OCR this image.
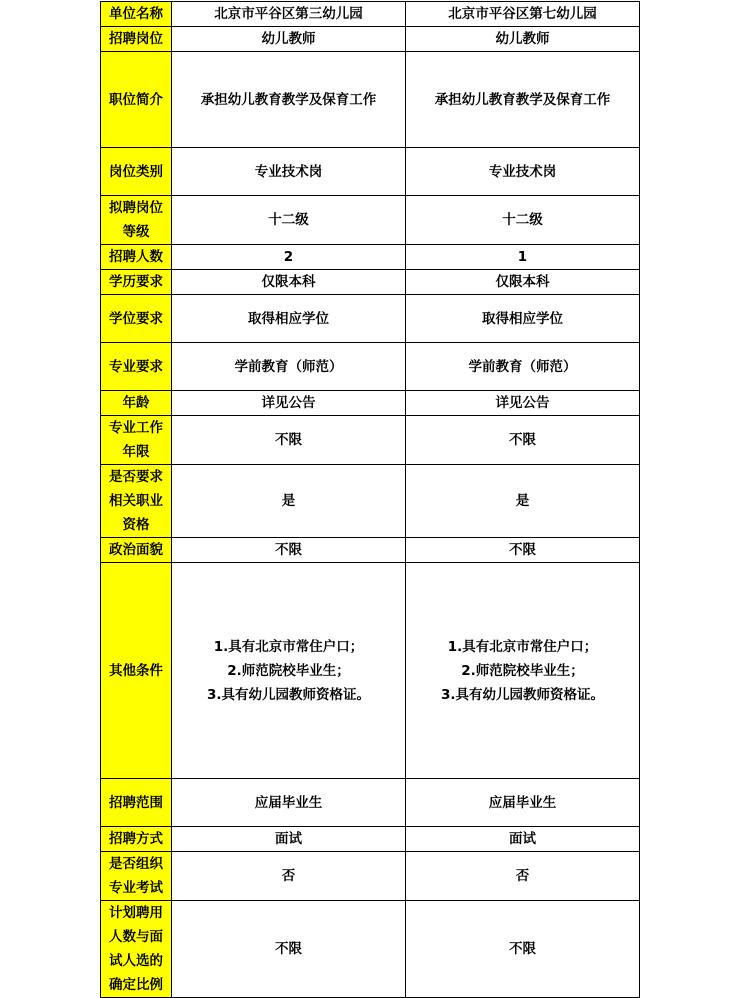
单位名称	北京市平谷区第三幼儿园	北京市平谷区第七幼儿园

招聘岗位	幼儿教师	幼儿教师

职位简介	承担幼儿教育教学及保育工作	承担幼儿教育教学及保育工作

岗位类别	专业技术岗	专业技术岗

拟聘岗位
等级	十二级	十二级

招聘人数	2	1

学历要求	仅限本科	仅限本科

学位要求	取得相应学位	取得相应学位

专业要求	学前教育（师范）	学前教育（师范）

年龄	详见公告	详见公告

专业工作
年限	不限	不限

是否要求
相关职业
资格	是	是

政治面貌	不限	不限

其他条件	1.具有北京市常住户口；
2.师范院校毕业生；
3.具有幼儿园教师资格证。	1.具有北京市常住户口；
2.师范院校毕业生；
3.具有幼儿园教师资格证。

招聘范围	应届毕业生	应届毕业生

招聘方式	面试	面试

是否组织
专业考试	否	否

计划聘用
人数与面
试人选的
确定比例	不限	不限
